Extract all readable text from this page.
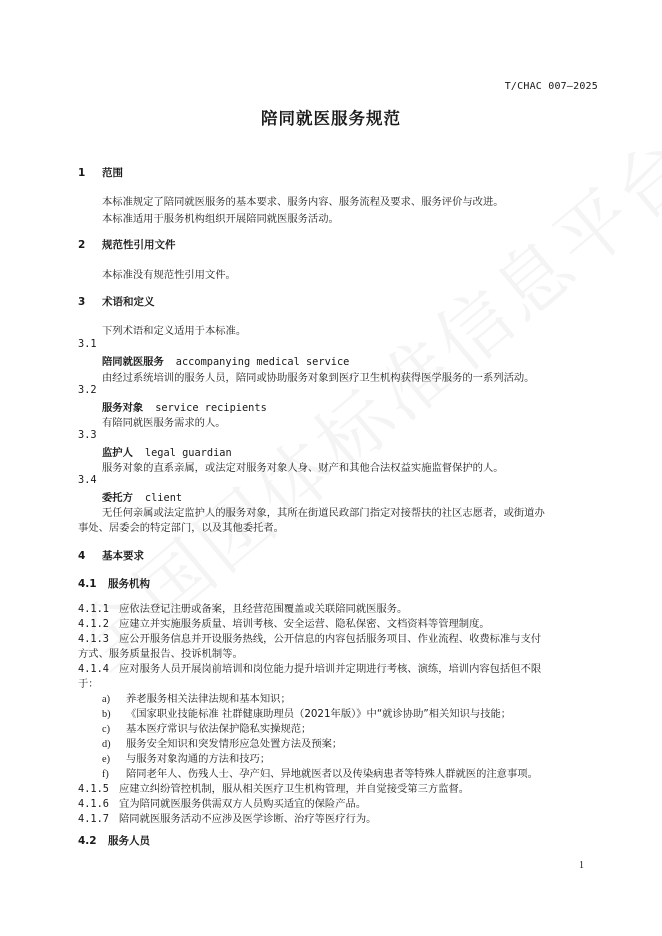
T/CHAC 007—2025
陪同就医服务规范
1 范围
本标准规定了陪同就医服务的基本要求、服务内容、服务流程及要求、服务评价与改进。
本标准适用于服务机构组织开展陪同就医服务活动。
2 规范性引用文件
本标准没有规范性引用文件。
3 术语和定义
下列术语和定义适用于本标准。
3.1
陪同就医服务 accompanying medical service
由经过系统培训的服务人员，陪同或协助服务对象到医疗卫生机构获得医学服务的一系列活动。
3.2
服务对象 service recipients
有陪同就医服务需求的人。
3.3
监护人 legal guardian
服务对象的直系亲属，或法定对服务对象人身、财产和其他合法权益实施监督保护的人。
3.4
委托方 client
无任何亲属或法定监护人的服务对象，其所在街道民政部门指定对接帮扶的社区志愿者，或街道办
事处、居委会的特定部门，以及其他委托者。
4 基本要求
4.1 服务机构
4.1.1 应依法登记注册或备案，且经营范围覆盖或关联陪同就医服务。
4.1.2 应建立并实施服务质量、培训考核、安全运营、隐私保密、文档资料等管理制度。
4.1.3 应公开服务信息并开设服务热线，公开信息的内容包括服务项目、作业流程、收费标准与支付
方式、服务质量报告、投诉机制等。
4.1.4 应对服务人员开展岗前培训和岗位能力提升培训并定期进行考核、演练，培训内容包括但不限
于：
a) 养老服务相关法律法规和基本知识；
b) 《国家职业技能标准 社群健康助理员（2021年版）》中“就诊协助”相关知识与技能；
c) 基本医疗常识与依法保护隐私实操规范；
d) 服务安全知识和突发情形应急处置方法及预案；
e) 与服务对象沟通的方法和技巧；
f) 陪同老年人、伤残人士、孕产妇、异地就医者以及传染病患者等特殊人群就医的注意事项。
4.1.5 应建立纠纷管控机制，服从相关医疗卫生机构管理，并自觉接受第三方监督。
4.1.6 宜为陪同就医服务供需双方人员购买适宜的保险产品。
4.1.7 陪同就医服务活动不应涉及医学诊断、治疗等医疗行为。
4.2 服务人员
1
